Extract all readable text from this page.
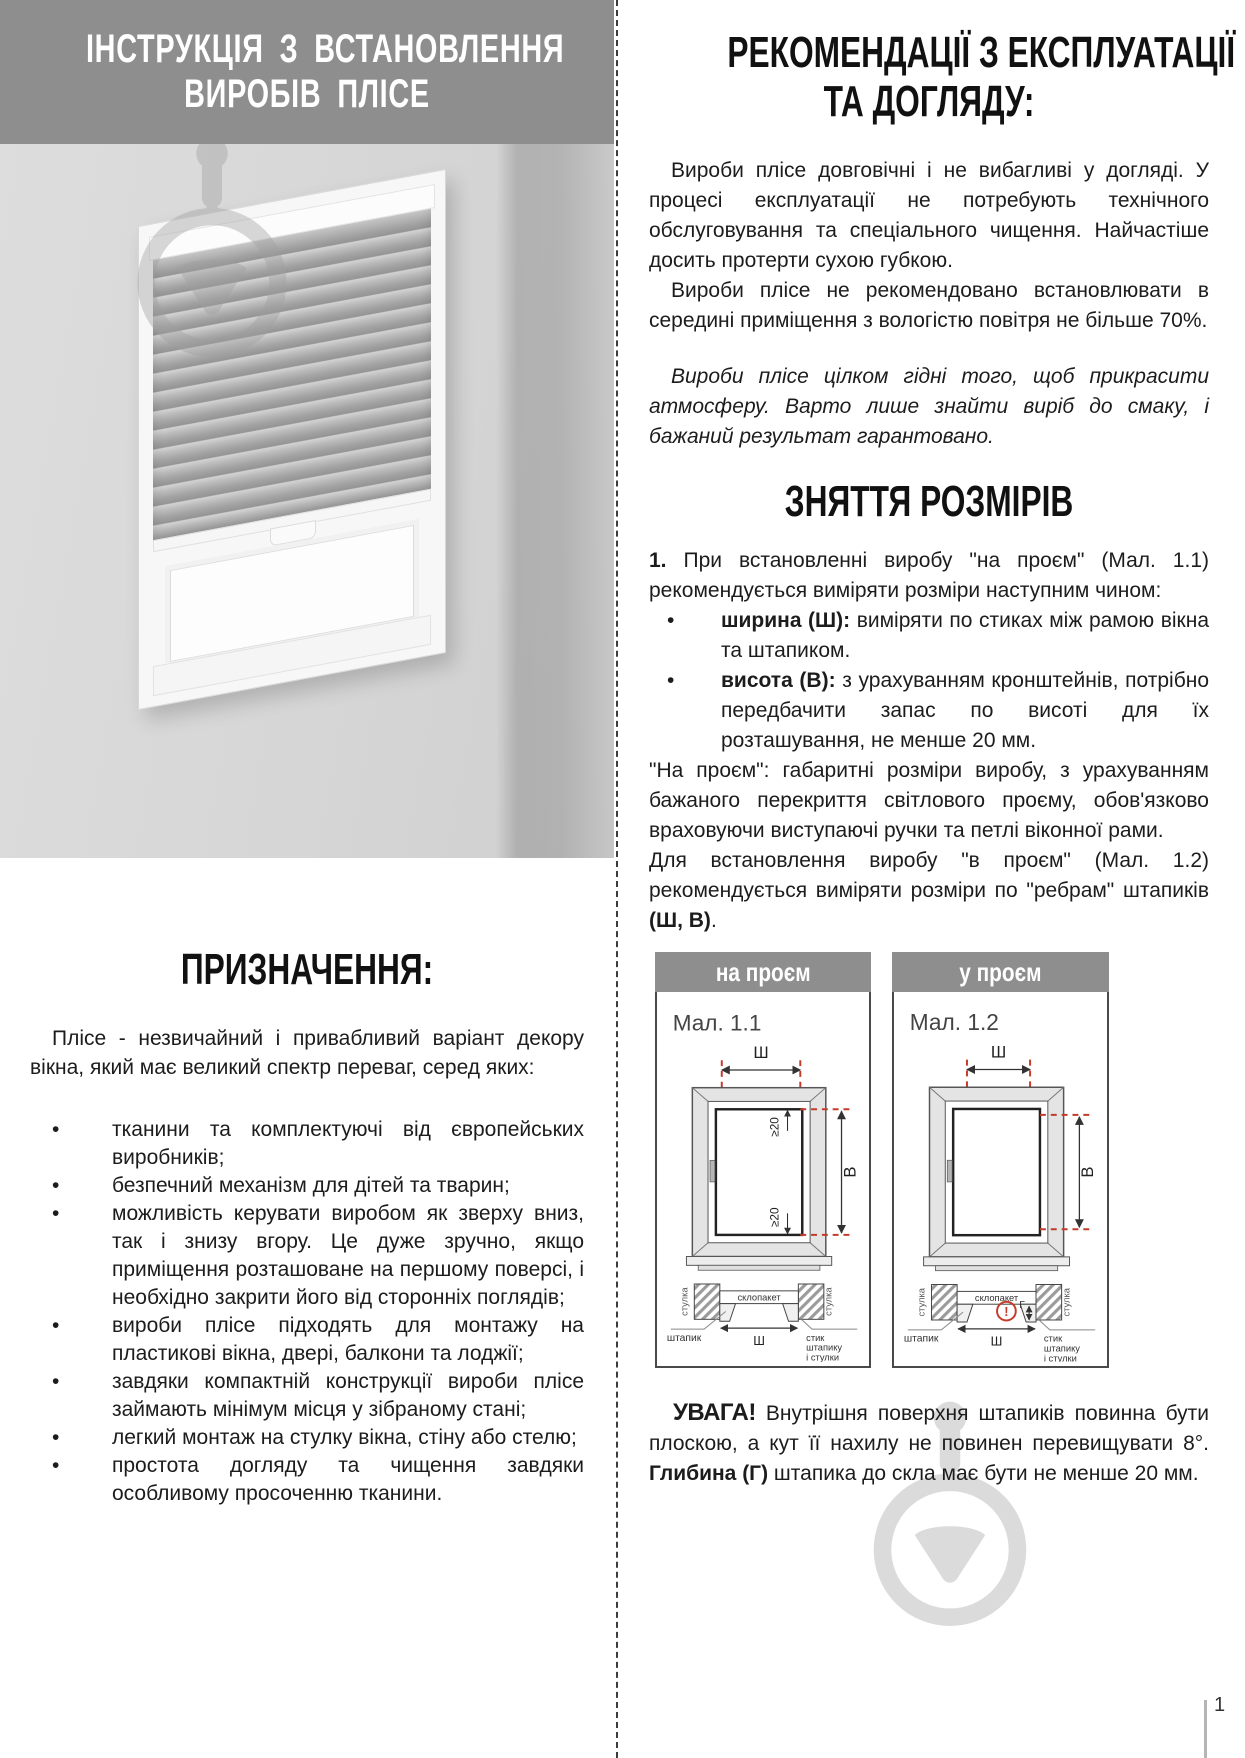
ІНСТРУКЦІЯ З ВСТАНОВЛЕННЯ
ВИРОБІВ ПЛІСЕ
ПРИЗНАЧЕННЯ:

Плісе - незвичайний і привабливий варіант декору вікна, який має великий спектр переваг, серед яких:

•	тканини та комплектуючі від європейських виробників;
•	безпечний механізм для дітей та тварин;
•	можливість керувати виробом як зверху вниз, так і знизу вгору. Це дуже зручно, якщо приміщення розташоване на першому поверсі, і необхідно закрити його від сторонніх поглядів;
•	вироби плісе підходять для монтажу на пластикові вікна, двері, балкони та лоджії;
•	завдяки компактній конструкції вироби плісе займають мінімум місця у зібраному стані;
•	легкий монтаж на стулку вікна, стіну або стелю;
•	простота догляду та чищення завдяки особливому просоченню тканини.
РЕКОМЕНДАЦІЇ З ЕКСПЛУАТАЦІЇ
ТА ДОГЛЯДУ:

Вироби плісе довговічні і не вибагливі у догляді. У процесі експлуатації не потребують технічного обслуговування та спеціального чищення. Найчастіше досить протерти сухою губкою.

Вироби плісе не рекомендовано встановлювати в середині приміщення з вологістю повітря не більше 70%.

Вироби плісе цілком гідні того, щоб прикрасити атмосферу. Варто лише знайти виріб до смаку, і бажаний результат гарантовано.

ЗНЯТТЯ РОЗМІРІВ

1. При встановленні виробу "на проєм" (Мал. 1.1) рекомендується виміряти розміри наступним чином:

• ширина (Ш): виміряти по стиках між рамою вікна та штапиком.
• висота (В): з урахуванням кронштейнів, потрібно передбачити запас по висоті для їх розташування, не менше 20 мм.

"На проєм": габаритні розміри виробу, з урахуванням бажаного перекриття світлового проєму, обов'язково враховуючи виступаючі ручки та петлі віконної рами.

Для встановлення виробу "в проєм" (Мал. 1.2) рекомендується виміряти розміри по "ребрам" штапиків (Ш, В).

на проєм
Мал. 1.1
Ш
В
≥20
≥20
стулка	стулка
склопакет
Ш
штапик	стик
штапику
і стулки
у проєм
Мал. 1.2
Ш
В
стулка	стулка
склопакет
! Г
Ш
штапик	стик
штапику
і стулки

УВАГА! Внутрішня поверхня штапиків повинна бути плоскою, а кут її нахилу не повинен перевищувати 8°. Глибина (Г) штапика до скла має бути не менше 20 мм.

1
